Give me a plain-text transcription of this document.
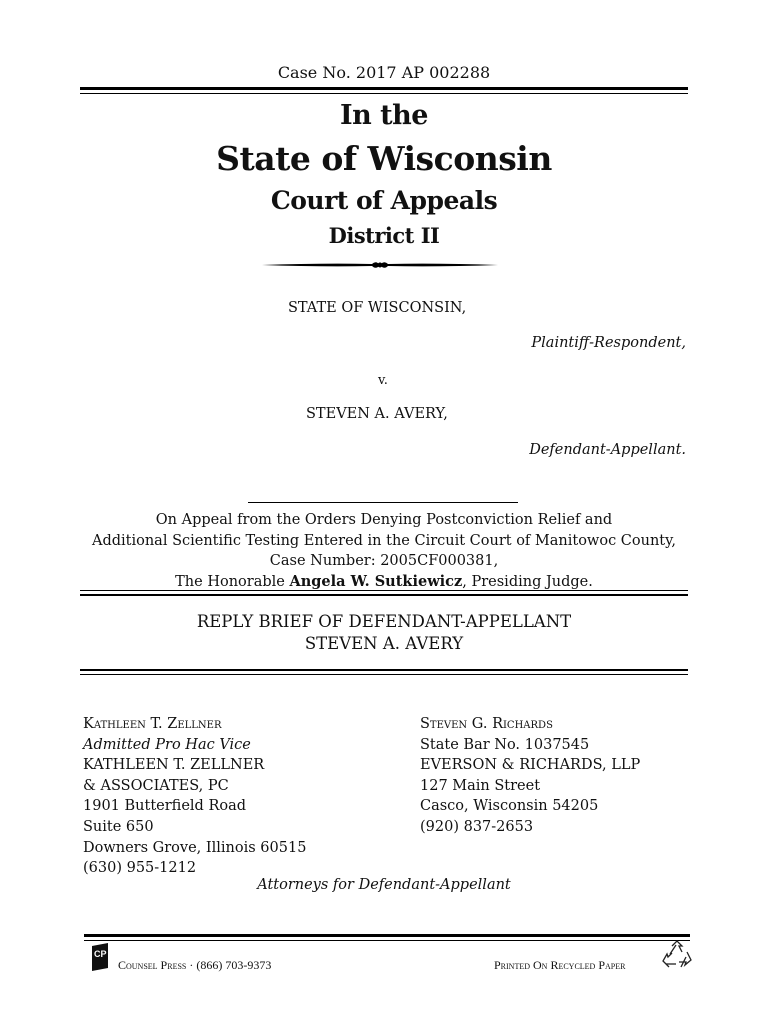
Case No. 2017 AP 002288
In the
State of Wisconsin
Court of Appeals
District II
STATE OF WISCONSIN,
Plaintiff-Respondent,
v.
STEVEN A. AVERY,
Defendant-Appellant.
On Appeal from the Orders Denying Postconviction Relief and
Additional Scientific Testing Entered in the Circuit Court of Manitowoc County,
Case Number: 2005CF000381,
The Honorable Angela W. Sutkiewicz, Presiding Judge.
REPLY BRIEF OF DEFENDANT-APPELLANT
STEVEN A. AVERY
Kathleen T. Zellner
Admitted Pro Hac Vice
KATHLEEN T. ZELLNER
& ASSOCIATES, PC
1901 Butterfield Road
Suite 650
Downers Grove, Illinois 60515
(630) 955-1212
Steven G. Richards
State Bar No. 1037545
EVERSON & RICHARDS, LLP
127 Main Street
Casco, Wisconsin 54205
(920) 837-2653
Attorneys for Defendant-Appellant
CP
Counsel Press · (866) 703-9373	Printed On Recycled Paper
